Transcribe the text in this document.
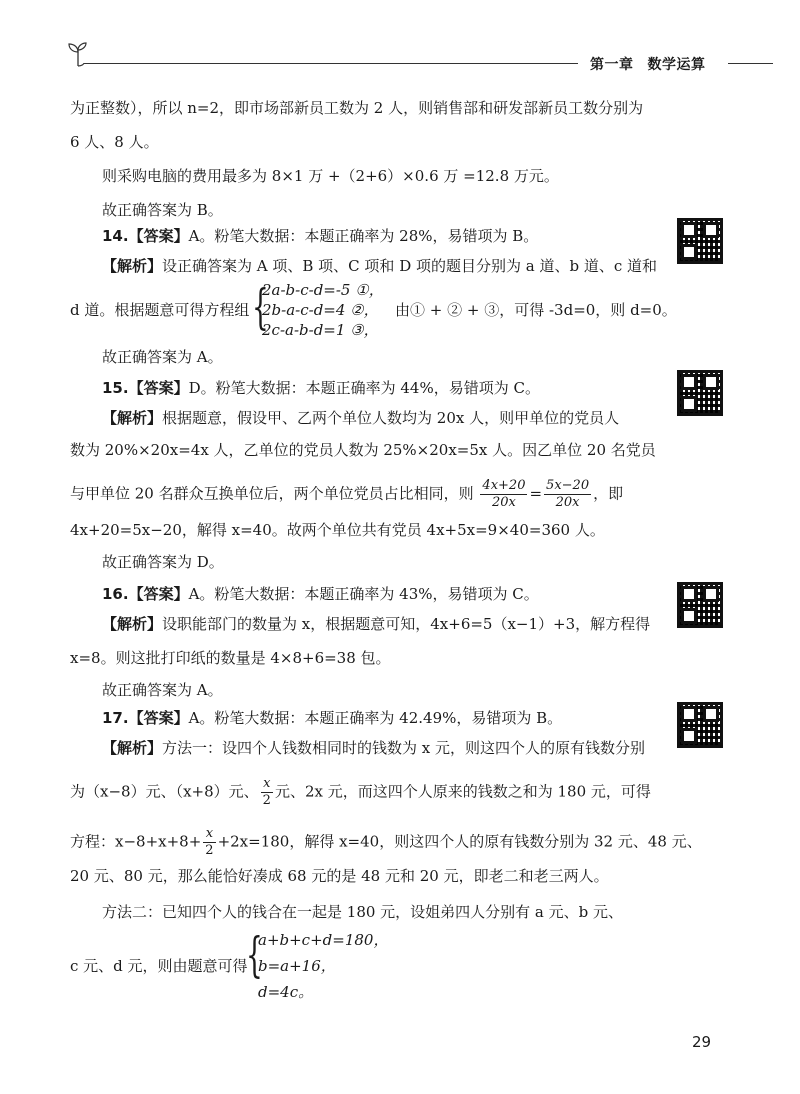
第一章 数学运算
为正整数），所以 n=2，即市场部新员工数为 2 人，则销售部和研发部新员工数分别为
6 人、8 人。
则采购电脑的费用最多为 8×1 万 +（2+6）×0.6 万 =12.8 万元。
故正确答案为 B。
14.【答案】A。粉笔大数据：本题正确率为 28%，易错项为 B。
【解析】设正确答案为 A 项、B 项、C 项和 D 项的题目分别为 a 道、b 道、c 道和
d 道。根据题意可得方程组 {
2a-b-c-d=-5 ①，
2b-a-c-d=4 ②，
2c-a-b-d=1 ③，
由① + ② + ③，可得 -3d=0，则 d=0。
故正确答案为 A。
15.【答案】D。粉笔大数据：本题正确率为 44%，易错项为 C。
【解析】根据题意，假设甲、乙两个单位人数均为 20x 人，则甲单位的党员人
数为 20%×20x=4x 人，乙单位的党员人数为 25%×20x=5x 人。因乙单位 20 名党员
与甲单位 20 名群众互换单位后，两个单位党员占比相同，则 $\frac{4x+20}{20x} = \frac{5x-20}{20x}$ ，即
4x+20=5x−20，解得 x=40。故两个单位共有党员 4x+5x=9×40=360 人。
故正确答案为 D。
16.【答案】A。粉笔大数据：本题正确率为 43%，易错项为 C。
【解析】设职能部门的数量为 x，根据题意可知，4x+6=5（x−1）+3，解方程得
x=8。则这批打印纸的数量是 4×8+6=38 包。
故正确答案为 A。
17.【答案】A。粉笔大数据：本题正确率为 42.49%，易错项为 B。
【解析】方法一：设四个人钱数相同时的钱数为 x 元，则这四个人的原有钱数分别
为（x−8）元、（x+8）元、 $\frac{x}{2}$ 元、2x 元，而这四个人原来的钱数之和为 180 元，可得
方程：$x-8+x+8+ \frac{x}{2} +2x=180$，解得 x=40，则这四个人的原有钱数分别为 32 元、48 元、
20 元、80 元，那么能恰好凑成 68 元的是 48 元和 20 元，即老二和老三两人。
方法二：已知四个人的钱合在一起是 180 元，设姐弟四人分别有 a 元、b 元、
c 元、d 元，则由题意可得
{
a+b+c+d=180，
b=a+16，
d=4c。
29
